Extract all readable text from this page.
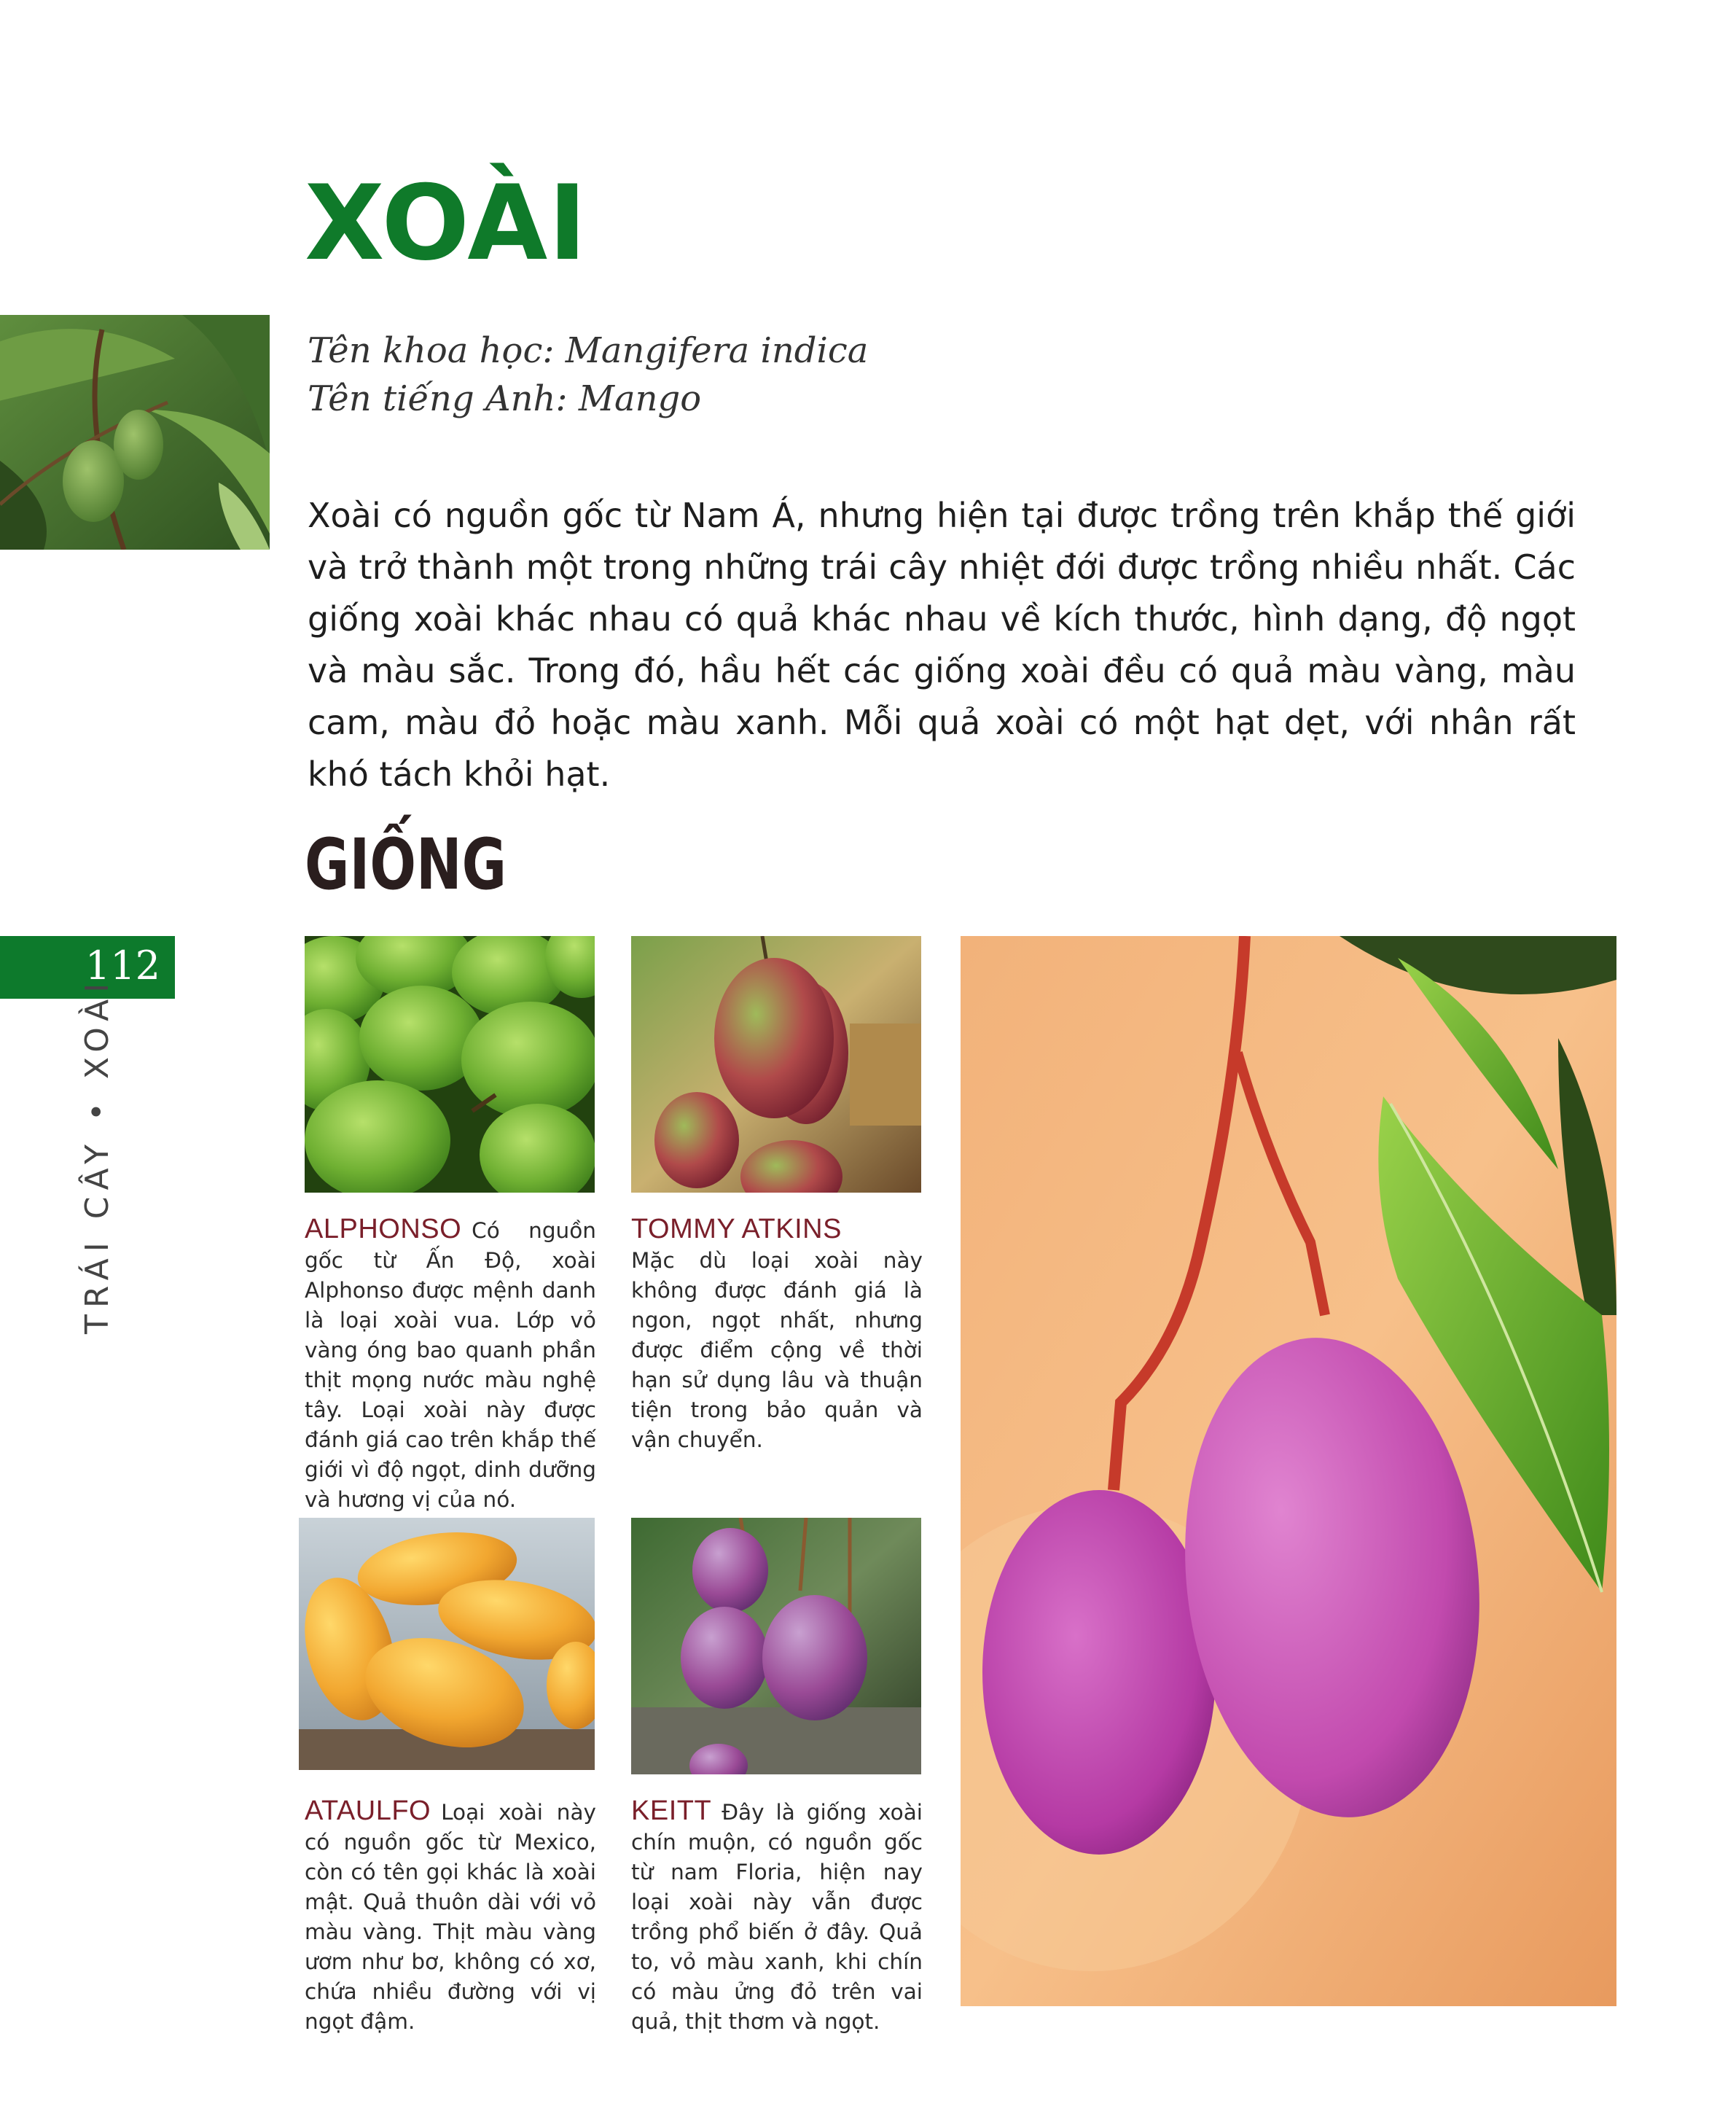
XOÀI
Tên khoa học: Mangifera indica
Tên tiếng Anh: Mango

Xoài có nguồn gốc từ Nam Á, nhưng hiện tại được trồng trên khắp thế giới và trở thành một trong những trái cây nhiệt đới được trồng nhiều nhất. Các giống xoài khác nhau có quả khác nhau về kích thước, hình dạng, độ ngọt và màu sắc. Trong đó, hầu hết các giống xoài đều có quả màu vàng, màu cam, màu đỏ hoặc màu xanh. Mỗi quả xoài có một hạt dẹt, với nhân rất khó tách khỏi hạt.

GIỐNG
112
TRÁI CÂY • XOÀI	ALPHONSO Có nguồn gốc từ Ấn Độ, xoài Alphonso được mệnh danh là loại xoài vua. Lớp vỏ vàng óng bao quanh phần thịt mọng nước màu nghệ tây. Loại xoài này được đánh giá cao trên khắp thế giới vì độ ngọt, dinh dưỡng và hương vị của nó.
TOMMY ATKINS
Mặc dù loại xoài này không được đánh giá là ngon, ngọt nhất, nhưng được điểm cộng về thời hạn sử dụng lâu và thuận tiện trong bảo quản và vận chuyển.
ATAULFO Loại xoài này có nguồn gốc từ Mexico, còn có tên gọi khác là xoài mật. Quả thuôn dài với vỏ màu vàng. Thịt màu vàng ươm như bơ, không có xơ, chứa nhiều đường với vị ngọt đậm.
KEITT Đây là giống xoài chín muộn, có nguồn gốc từ nam Floria, hiện nay loại xoài này vẫn được trồng phổ biến ở đây. Quả to, vỏ màu xanh, khi chín có màu ửng đỏ trên vai quả, thịt thơm và ngọt.
